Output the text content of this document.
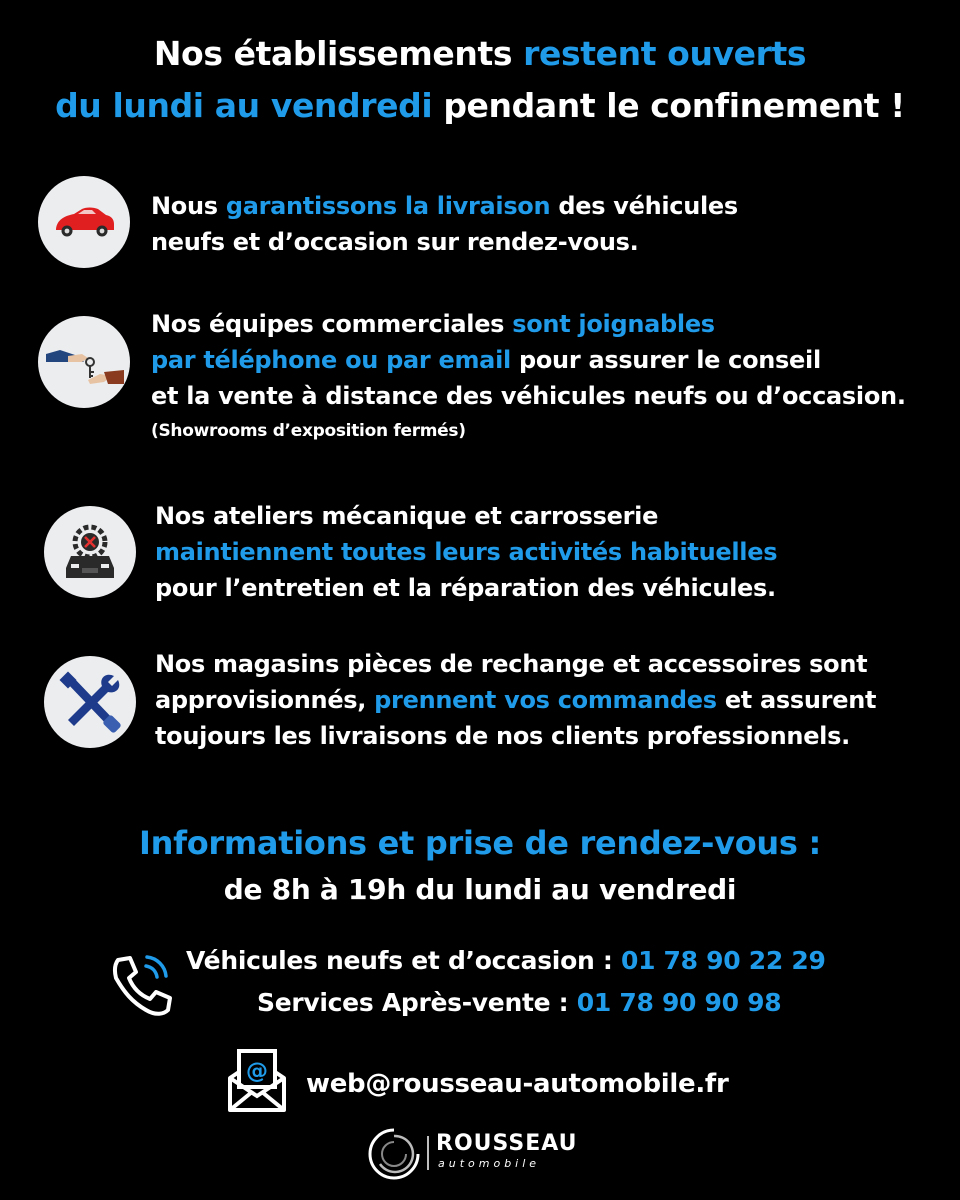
Nos établissements restent ouverts
du lundi au vendredi pendant le confinement !
Nous garantissons la livraison des véhicules
neufs et d’occasion sur rendez-vous.
Nos équipes commerciales sont joignables
par téléphone ou par email pour assurer le conseil
et la vente à distance des véhicules neufs ou d’occasion.
(Showrooms d’exposition fermés)
Nos ateliers mécanique et carrosserie
maintiennent toutes leurs activités habituelles
pour l’entretien et la réparation des véhicules.
Nos magasins pièces de rechange et accessoires sont
approvisionnés, prennent vos commandes et assurent
toujours les livraisons de nos clients professionnels.
Informations et prise de rendez-vous :
de 8h à 19h du lundi au vendredi
Véhicules neufs et d’occasion : 01 78 90 22 29
Services Après-vente : 01 78 90 90 98
@ web@rousseau-automobile.fr
ROUSSEAU
automobile
